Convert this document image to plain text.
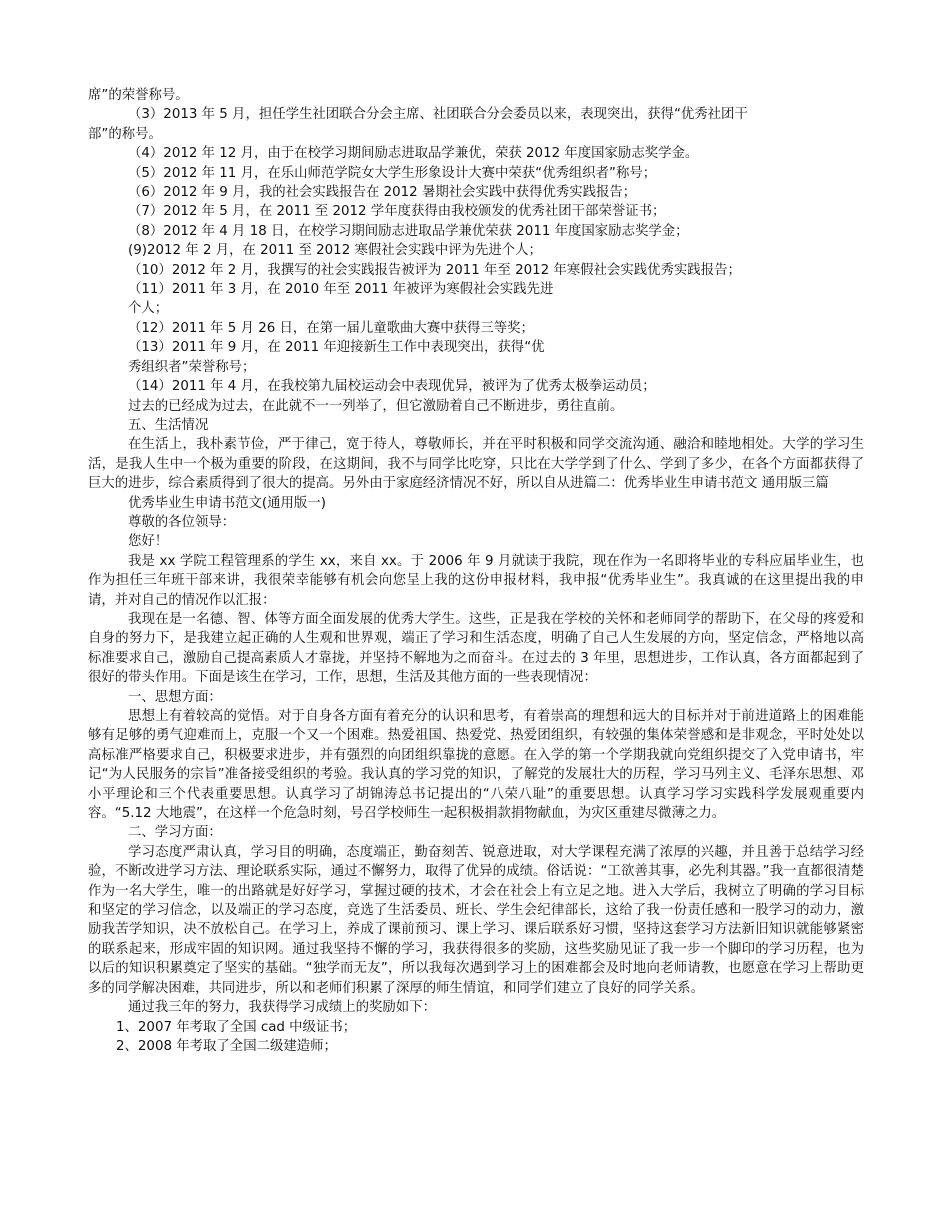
席”的荣誉称号。
（3）2013 年 5 月，担任学生社团联合分会主席、社团联合分会委员以来，表现突出，获得“优秀社团干
部”的称号。
（4）2012 年 12 月，由于在校学习期间励志进取品学兼优，荣获 2012 年度国家励志奖学金。
（5）2012 年 11 月，在乐山师范学院女大学生形象设计大赛中荣获“优秀组织者”称号；
（6）2012 年 9 月，我的社会实践报告在 2012 暑期社会实践中获得优秀实践报告；
（7）2012 年 5 月，在 2011 至 2012 学年度获得由我校颁发的优秀社团干部荣誉证书；
（8）2012 年 4 月 18 日，在校学习期间励志进取品学兼优荣获 2011 年度国家励志奖学金；
(9)2012 年 2 月，在 2011 至 2012 寒假社会实践中评为先进个人；
（10）2012 年 2 月，我撰写的社会实践报告被评为 2011 年至 2012 年寒假社会实践优秀实践报告；
（11）2011 年 3 月，在 2010 年至 2011 年被评为寒假社会实践先进
个人；
（12）2011 年 5 月 26 日，在第一届儿童歌曲大赛中获得三等奖；
（13）2011 年 9 月，在 2011 年迎接新生工作中表现突出，获得“优
秀组织者”荣誉称号；
（14）2011 年 4 月，在我校第九届校运动会中表现优异，被评为了优秀太极拳运动员；
过去的已经成为过去，在此就不一一列举了，但它激励着自己不断进步，勇往直前。
五、生活情况
在生活上，我朴素节俭，严于律己，宽于待人，尊敬师长，并在平时积极和同学交流沟通、融洽和睦地相处。大学的学习生活，是我人生中一个极为重要的阶段，在这期间，我不与同学比吃穿，只比在大学学到了什么、学到了多少，在各个方面都获得了巨大的进步，综合素质得到了很大的提高。另外由于家庭经济情况不好，所以自从进篇二：优秀毕业生申请书范文 通用版三篇
优秀毕业生申请书范文(通用版一)
尊敬的各位领导：
您好！
我是 xx 学院工程管理系的学生 xx，来自 xx。于 2006 年 9 月就读于我院，现在作为一名即将毕业的专科应届毕业生，也作为担任三年班干部来讲，我很荣幸能够有机会向您呈上我的这份申报材料，我申报“优秀毕业生”。我真诚的在这里提出我的申请，并对自己的情况作以汇报：
我现在是一名德、智、体等方面全面发展的优秀大学生。这些，正是我在学校的关怀和老师同学的帮助下，在父母的疼爱和自身的努力下，是我建立起正确的人生观和世界观，端正了学习和生活态度，明确了自己人生发展的方向，坚定信念，严格地以高标准要求自己，激励自己提高素质人才靠拢，并坚持不解地为之而奋斗。在过去的 3 年里，思想进步，工作认真，各方面都起到了很好的带头作用。下面是该生在学习，工作，思想，生活及其他方面的一些表现情况：
一、思想方面：
思想上有着较高的觉悟。对于自身各方面有着充分的认识和思考，有着崇高的理想和远大的目标并对于前进道路上的困难能够有足够的勇气迎难而上，克服一个又一个困难。热爱祖国、热爱党、热爱团组织，有较强的集体荣誉感和是非观念，平时处处以高标准严格要求自己，积极要求进步，并有强烈的向团组织靠拢的意愿。在入学的第一个学期我就向党组织提交了入党申请书，牢记“为人民服务的宗旨”准备接受组织的考验。我认真的学习党的知识，了解党的发展壮大的历程，学习马列主义、毛泽东思想、邓小平理论和三个代表重要思想。认真学习了胡锦涛总书记提出的“八荣八耻”的重要思想。认真学习学习实践科学发展观重要内容。“5.12 大地震”，在这样一个危急时刻，号召学校师生一起积极捐款捐物献血，为灾区重建尽微薄之力。
二、学习方面：
学习态度严肃认真，学习目的明确，态度端正，勤奋刻苦、锐意进取，对大学课程充满了浓厚的兴趣，并且善于总结学习经验，不断改进学习方法、理论联系实际，通过不懈努力，取得了优异的成绩。俗话说：“工欲善其事，必先利其器。”我一直都很清楚作为一名大学生，唯一的出路就是好好学习，掌握过硬的技术，才会在社会上有立足之地。进入大学后，我树立了明确的学习目标和坚定的学习信念，以及端正的学习态度，竞选了生活委员、班长、学生会纪律部长，这给了我一份责任感和一股学习的动力，激励我苦学知识，决不放松自己。在学习上，养成了课前预习、课上学习、课后联系好习惯，坚持这套学习方法新旧知识就能够紧密的联系起来，形成牢固的知识网。通过我坚持不懈的学习，我获得很多的奖励，这些奖励见证了我一步一个脚印的学习历程，也为以后的知识积累奠定了坚实的基础。“独学而无友”，所以我每次遇到学习上的困难都会及时地向老师请教，也愿意在学习上帮助更多的同学解决困难，共同进步，所以和老师们积累了深厚的师生情谊，和同学们建立了良好的同学关系。
通过我三年的努力，我获得学习成绩上的奖励如下：
1、2007 年考取了全国 cad 中级证书；
2、2008 年考取了全国二级建造师；
